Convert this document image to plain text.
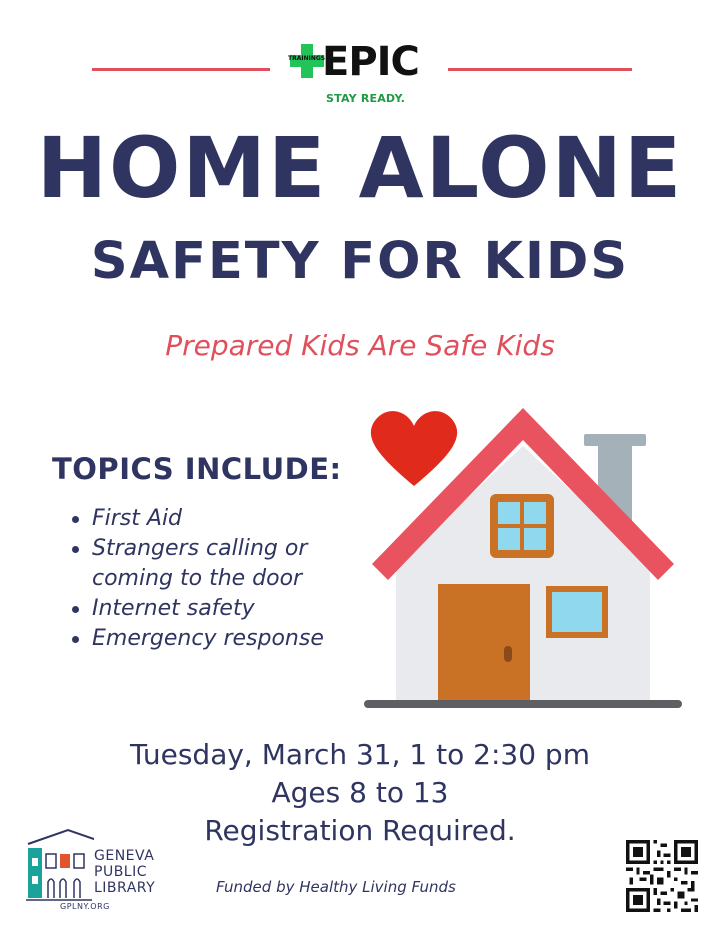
TRAININGS
EPIC
STAY READY.
HOME ALONE
SAFETY FOR KIDS
Prepared Kids Are Safe Kids
TOPICS INCLUDE:
First Aid
Strangers calling or coming to the door
Internet safety
Emergency response
Tuesday, March 31, 1 to 2:30 pm
Ages 8 to 13
Registration Required.
GENEVA
PUBLIC
LIBRARY
GPLNY.ORG
Funded by Healthy Living Funds
